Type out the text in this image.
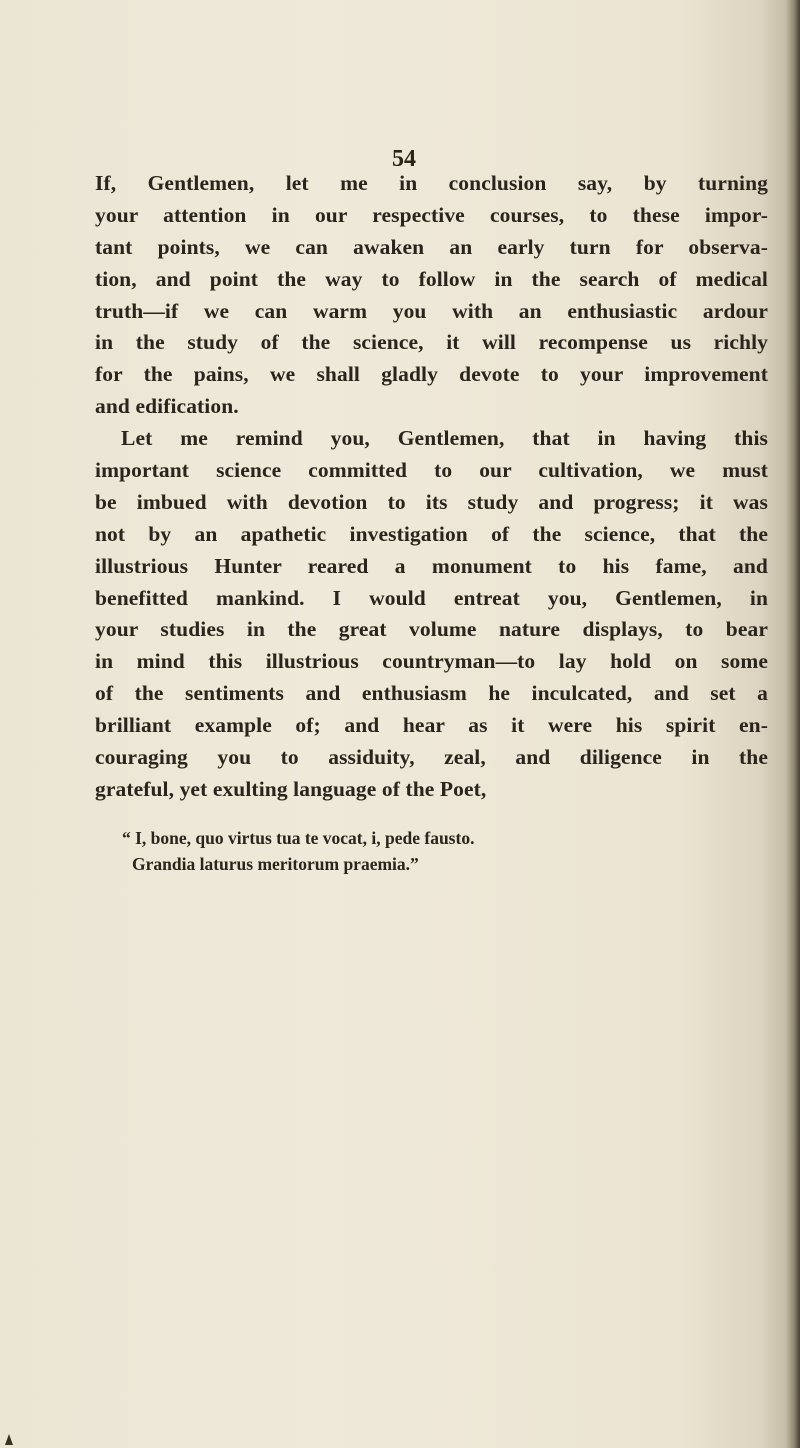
54
If, Gentlemen, let me in conclusion say, by turning
your attention in our respective courses, to these impor-
tant points, we can awaken an early turn for observa-
tion, and point the way to follow in the search of medical
truth—if we can warm you with an enthusiastic ardour
in the study of the science, it will recompense us richly
for the pains, we shall gladly devote to your improvement
and edification.
Let me remind you, Gentlemen, that in having this
important science committed to our cultivation, we must
be imbued with devotion to its study and progress; it was
not by an apathetic investigation of the science, that the
illustrious Hunter reared a monument to his fame, and
benefitted mankind. I would entreat you, Gentlemen, in
your studies in the great volume nature displays, to bear
in mind this illustrious countryman—to lay hold on some
of the sentiments and enthusiasm he inculcated, and set a
brilliant example of; and hear as it were his spirit en-
couraging you to assiduity, zeal, and diligence in the
grateful, yet exulting language of the Poet,
“ I, bone, quo virtus tua te vocat, i, pede fausto.
Grandia laturus meritorum praemia.”
